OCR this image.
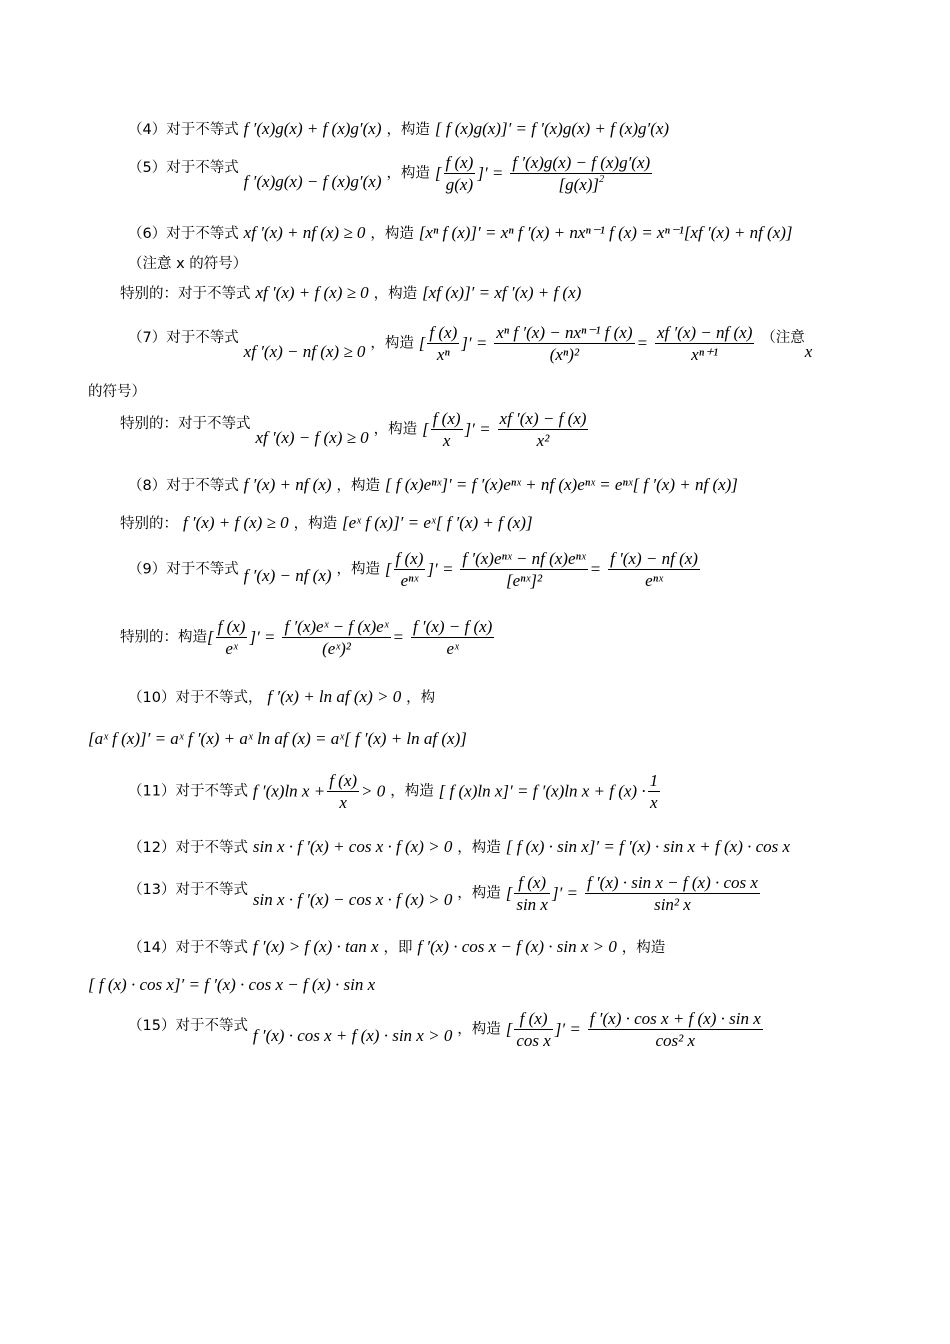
（4）对于不等式 f ′(x)g(x) + f (x)g′(x) ，构造 [ f (x)g(x)]′ = f ′(x)g(x) + f (x)g′(x)
（5）对于不等式 f ′(x)g(x) − f (x)g′(x) ，构造 [ $\frac{f (x)}{g(x)}$ ]′ = $\frac{f '(x)g(x) - f (x)g'(x)}{[g(x)]^2}$
（6）对于不等式 xf ′(x) + nf (x) ≥ 0 ，构造 [xⁿ f (x)]′ = xⁿ f ′(x) + nxⁿ⁻¹ f (x) = xⁿ⁻¹[xf ′(x) + nf (x)]
（注意 x 的符号）
特别的：对于不等式 xf ′(x) + f (x) ≥ 0 ，构造 [xf (x)]′ = xf ′(x) + f (x)
（7）对于不等式 xf ′(x) − nf (x) ≥ 0 ，构造 [ $\frac{f (x)}{\text{xⁿ}}$ ]′ = $\frac{\text{xⁿ f ′(x) − nxⁿ⁻¹ f (x)}}{\text{(xⁿ)²}} = \frac{xf '(x) - nf (x)}{\text{xⁿ⁺¹}}$ （注意x
的符号）
特别的：对于不等式 xf ′(x) − f (x) ≥ 0 ，构造 [ $\frac{f (x)}{x}$ ]′ = $\frac{xf '(x) - f (x)}{\text{x²}}$
（8）对于不等式 f ′(x) + nf (x) ，构造 [ f (x)eⁿˣ]′ = f ′(x)eⁿˣ + nf (x)eⁿˣ = eⁿˣ[ f ′(x) + nf (x)]
特别的： f ′(x) + f (x) ≥ 0 ，构造 [eˣ f (x)]′ = eˣ[ f ′(x) + f (x)]
（9）对于不等式 f ′(x) − nf (x) ，构造 [ $\frac{f (x)}{\text{eⁿˣ}}$ ]′ = $\frac{\text{f ′(x)eⁿˣ − nf (x)eⁿˣ}}{\text{[eⁿˣ]²}} = \frac{f '(x) - nf (x)}{\text{eⁿˣ}}$
特别的：构造[ $\frac{f (x)}{\text{eˣ}}$ ]′ = $\frac{\text{f ′(x)eˣ − f (x)eˣ}}{\text{(eˣ)²}} = \frac{f '(x) - f (x)}{\text{eˣ}}$
（10）对于不等式， f ′(x) + ln af (x) > 0 ，构
[aˣ f (x)]′ = aˣ f ′(x) + aˣ ln af (x) = aˣ[ f ′(x) + ln af (x)]
（11）对于不等式 f ′(x)ln $x + \frac{f (x)}{x} > 0$ ，构造 [ f (x)ln x]′ = f ′(x)ln x + f $(x) \cdot \frac{1}{x}$
（12）对于不等式 sin x · f ′(x) + cos x · f (x) > 0 ，构造 [ f (x) · sin x]′ = f ′(x) · sin x + f (x) · cos x
（13）对于不等式 sin x · f ′(x) − cos x · f (x) > 0 ，构造 [ $\frac{f (x)}{\text{sin x}}$ ]′ = $\frac{\text{f ′(x) · sin x − f (x) · cos x}}{\text{sin² x}}$
（14）对于不等式 f ′(x) > f (x) · tan x ，即 f ′(x) · cos x − f (x) · sin x > 0 ，构造
[ f (x) · cos x]′ = f ′(x) · cos x − f (x) · sin x
（15）对于不等式 f ′(x) · cos x + f (x) · sin x > 0 ，构造 [ $\frac{f (x)}{\text{cos x}}$ ]′ = $\frac{\text{f ′(x) · cos x + f (x) · sin x}}{\text{cos² x}}$
